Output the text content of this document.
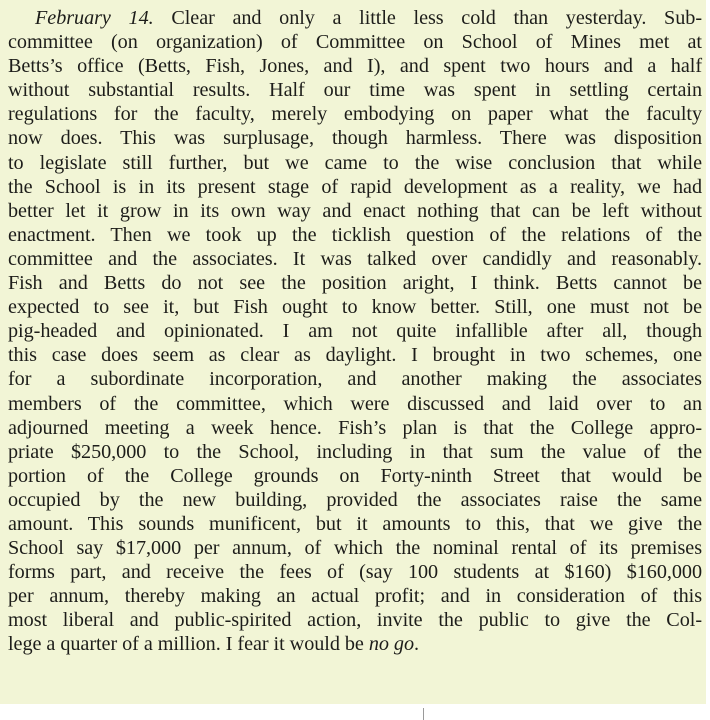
February 14. Clear and only a little less cold than yesterday. Sub-
committee (on organization) of Committee on School of Mines met at
Betts’s office (Betts, Fish, Jones, and I), and spent two hours and a half
without substantial results. Half our time was spent in settling certain
regulations for the faculty, merely embodying on paper what the faculty
now does. This was surplusage, though harmless. There was disposition
to legislate still further, but we came to the wise conclusion that while
the School is in its present stage of rapid development as a reality, we had
better let it grow in its own way and enact nothing that can be left without
enactment. Then we took up the ticklish question of the relations of the
committee and the associates. It was talked over candidly and reasonably.
Fish and Betts do not see the position aright, I think. Betts cannot be
expected to see it, but Fish ought to know better. Still, one must not be
pig-headed and opinionated. I am not quite infallible after all, though
this case does seem as clear as daylight. I brought in two schemes, one
for a subordinate incorporation, and another making the associates
members of the committee, which were discussed and laid over to an
adjourned meeting a week hence. Fish’s plan is that the College appro-
priate $250,000 to the School, including in that sum the value of the
portion of the College grounds on Forty-ninth Street that would be
occupied by the new building, provided the associates raise the same
amount. This sounds munificent, but it amounts to this, that we give the
School say $17,000 per annum, of which the nominal rental of its premises
forms part, and receive the fees of (say 100 students at $160) $160,000
per annum, thereby making an actual profit; and in consideration of this
most liberal and public-spirited action, invite the public to give the Col-
lege a quarter of a million. I fear it would be no go.
